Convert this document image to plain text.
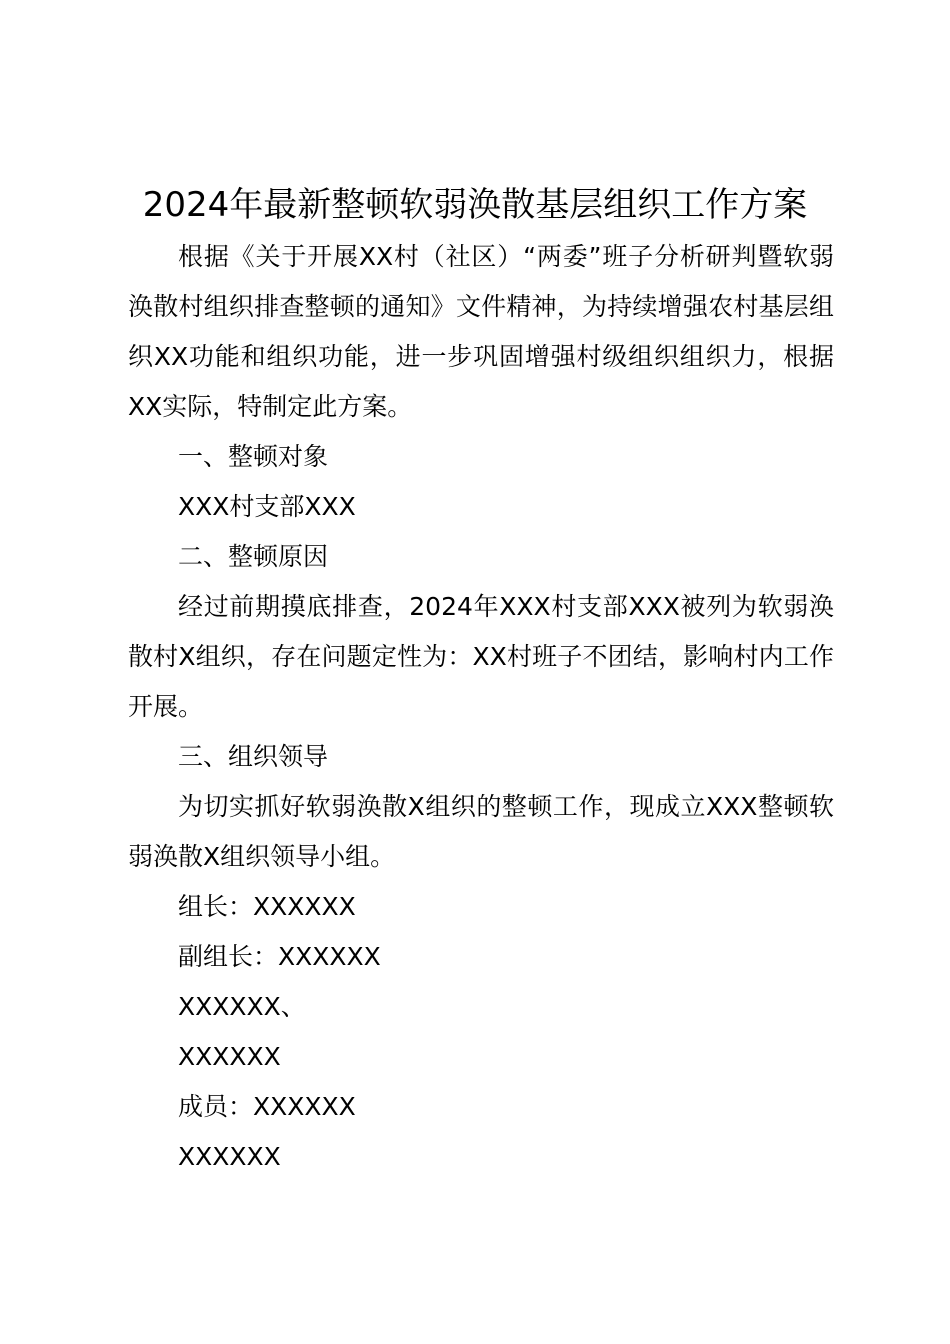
2024年最新整顿软弱涣散基层组织工作方案

根据《关于开展XX村（社区）“两委”班子分析研判暨软弱涣散村组织排查整顿的通知》文件精神，为持续增强农村基层组织XX功能和组织功能，进一步巩固增强村级组织组织力，根据XX实际，特制定此方案。

一、整顿对象

XXX村支部XXX

二、整顿原因

经过前期摸底排查，2024年XXX村支部XXX被列为软弱涣散村X组织，存在问题定性为：XX村班子不团结，影响村内工作开展。

三、组织领导

为切实抓好软弱涣散X组织的整顿工作，现成立XXX整顿软弱涣散X组织领导小组。

组长：XXXXXX

副组长：XXXXXX

XXXXXX、

XXXXXX

成员：XXXXXX

XXXXXX
